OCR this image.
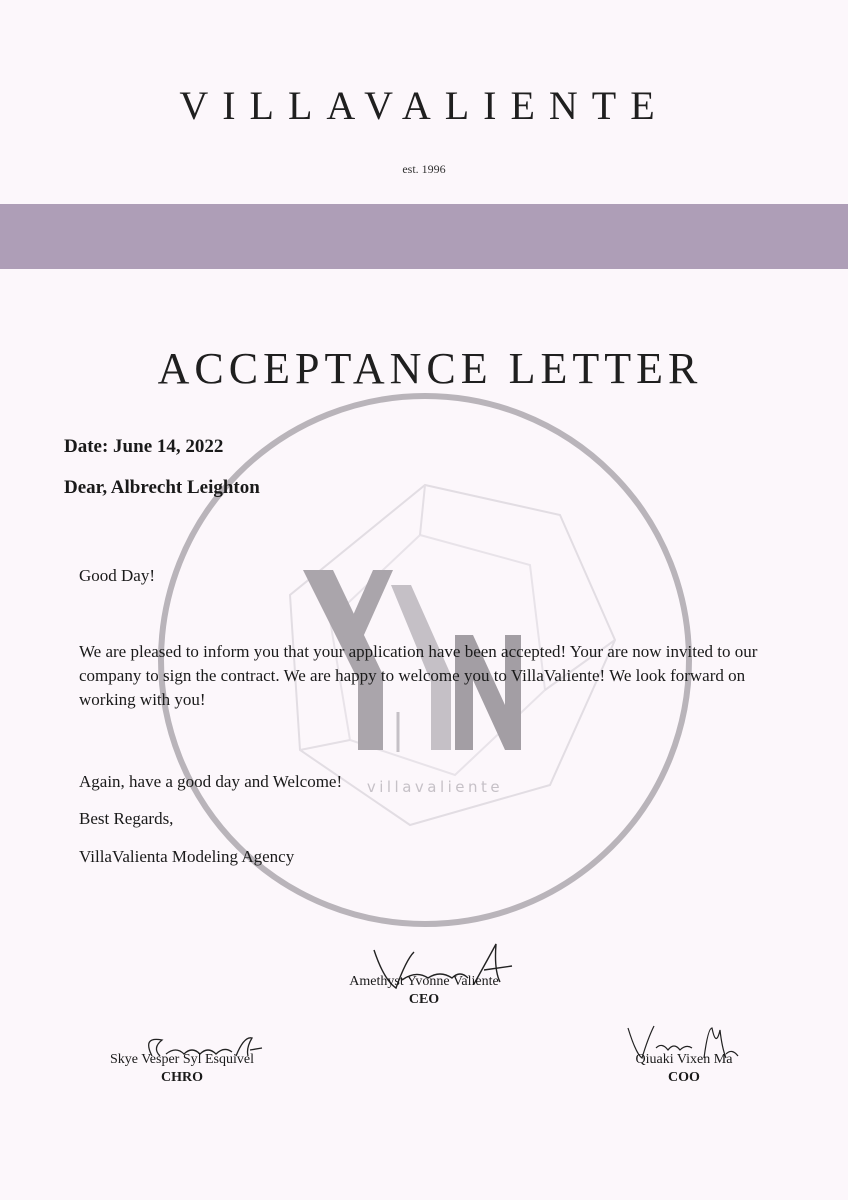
VILLAVALIENTE
est. 1996
ACCEPTANCE LETTER
villavaliente
Date: June 14, 2022
Dear, Albrecht Leighton
Good Day!
We are pleased to inform you that your application have been accepted! Your are now invited to our company to sign the contract. We are happy to welcome you to VillaValiente! We look forward on working with you!
Again, have a good day and Welcome!
Best Regards,
VillaValienta Modeling Agency
Amethyst Yvonne Valiente
CEO
Skye Vesper Syl Esquivel
CHRO
Qiuaki Vixen Ma
COO
